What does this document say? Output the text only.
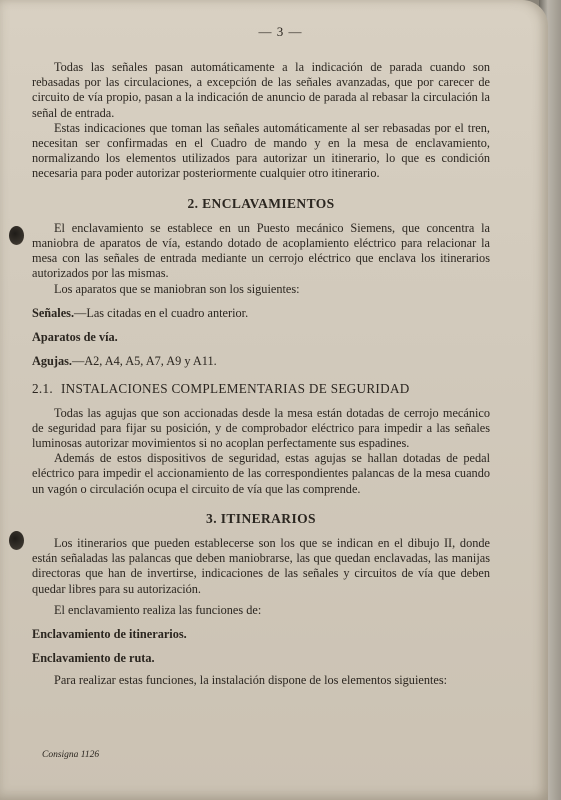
— 3 —

Todas las señales pasan automáticamente a la indicación de parada cuando son rebasadas por las circulaciones, a excepción de las señales avanzadas, que por carecer de circuito de vía propio, pasan a la indicación de anuncio de parada al rebasar la circulación la señal de entrada.

Estas indicaciones que toman las señales automáticamente al ser rebasadas por el tren, necesitan ser confirmadas en el Cuadro de mando y en la mesa de enclavamiento, normalizando los elementos utilizados para autorizar un itinerario, lo que es condición necesaria para poder autorizar posteriormente cualquier otro itinerario.

2. ENCLAVAMIENTOS

El enclavamiento se establece en un Puesto mecánico Siemens, que concentra la maniobra de aparatos de vía, estando dotado de acoplamiento eléctrico para relacionar la mesa con las señales de entrada mediante un cerrojo eléctrico que enclava los itinerarios autorizados por las mismas.

Los aparatos que se maniobran son los siguientes:

Señales.—Las citadas en el cuadro anterior.
Aparatos de vía.
Agujas.—A2, A4, A5, A7, A9 y A11.
2.1. INSTALACIONES COMPLEMENTARIAS DE SEGURIDAD

Todas las agujas que son accionadas desde la mesa están dotadas de cerrojo mecánico de seguridad para fijar su posición, y de comprobador eléctrico para impedir a las señales luminosas autorizar movimientos si no acoplan perfectamente sus espadines.

Además de estos dispositivos de seguridad, estas agujas se hallan dotadas de pedal eléctrico para impedir el accionamiento de las correspondientes palancas de la mesa cuando un vagón o circulación ocupa el circuito de vía que las comprende.

3. ITINERARIOS

Los itinerarios que pueden establecerse son los que se indican en el dibujo II, donde están señaladas las palancas que deben maniobrarse, las que quedan enclavadas, las manijas directoras que han de invertirse, indicaciones de las señales y circuitos de vía que deben quedar libres para su autorización.

El enclavamiento realiza las funciones de:

Enclavamiento de itinerarios.
Enclavamiento de ruta.

Para realizar estas funciones, la instalación dispone de los elementos siguientes:

Consigna 1126
